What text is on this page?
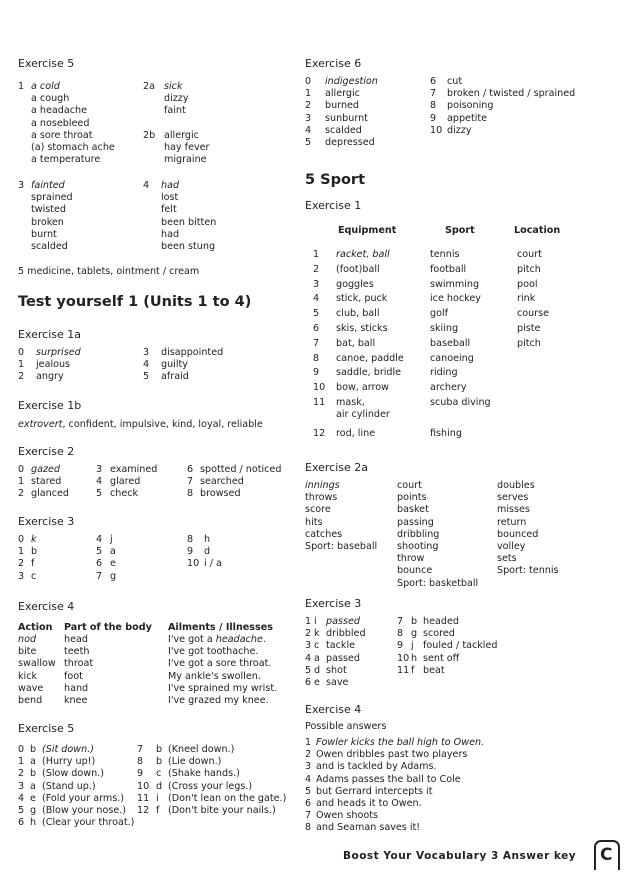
Exercise 5
1 a cold
a cough
a headache
a nosebleed
a sore throat
(a) stomach ache
a temperature
2a sick
dizzy
faint
2b allergic
hay fever
migraine
3 fainted
sprained
twisted
broken
burnt
scalded
4 had
lost
felt
been bitten
had
been stung
5 medicine, tablets, ointment / cream
Test yourself 1 (Units 1 to 4)
Exercise 1a
0 surprised
1 jealous
2 angry
3 disappointed
4 guilty
5 afraid
Exercise 1b
extrovert, confident, impulsive, kind, loyal, reliable
Exercise 2
0 gazed
1 stared
2 glanced
3 examined
4 glared
5 check
6 spotted / noticed
7 searched
8 browsed
Exercise 3
0 k
1 b
2 f
3 c
4 j
5 a
6 e
7 g
8 h
9 d
10 i / a
Exercise 4
Action Part of the body Ailments / Illnesses
nod	head	I've got a headache.
bite	teeth	I've got toothache.
swallow throat	I've got a sore throat.
kick	foot	My ankle's swollen.
wave hand	I've sprained my wrist.
bend knee	I've grazed my knee.
Exercise 5
0 b (Sit down.)
1 a (Hurry up!)
2 b (Slow down.)
3 a (Stand up.)
4 e (Fold your arms.)
5 g (Blow your nose.)
6 h (Clear your throat.)
7 b (Kneel down.)
8 b (Lie down.)
9 c (Shake hands.)
10 d (Cross your legs.)
11 i (Don't lean on the gate.)
12 f (Don't bite your nails.)
Exercise 6
0 indigestion
1 allergic
2 burned
3 sunburnt
4 scalded
5 depressed
6 cut
7 broken / twisted / sprained
8 poisoning
9 appetite
10 dizzy
5 Sport
Exercise 1
Equipment	Sport	Location
1 racket, ball	tennis	court
2 (foot)ball	football	pitch
3 goggles	swimming	pool
4 stick, puck	ice hockey	rink
5 club, ball	golf	course
6 skis, sticks	skiing	piste
7 bat, ball	baseball	pitch
8 canoe, paddle	canoeing
9 saddle, bridle	riding
10 bow, arrow	archery
11 mask,	scuba diving
air cylinder
12 rod, line	fishing
Exercise 2a
innings
throws
score
hits
catches
Sport: baseball
court
points
basket
passing
dribbling
shooting
throw
bounce
Sport: basketball
doubles
serves
misses
return
bounced
volley
sets
Sport: tennis
Exercise 3
1 i passed
2 k dribbled
3 c tackle
4 a passed
5 d shot
6 e save
7 b headed
8 g scored
9 j fouled / tackled
10 h sent off
11 f beat
Exercise 4
Possible answers
1 Fowler kicks the ball high to Owen.
2 Owen dribbles past two players
3 and is tackled by Adams.
4 Adams passes the ball to Cole
5 but Gerrard intercepts it
6 and heads it to Owen.
7 Owen shoots
8 and Seaman saves it!
Boost Your Vocabulary 3 Answer key C
